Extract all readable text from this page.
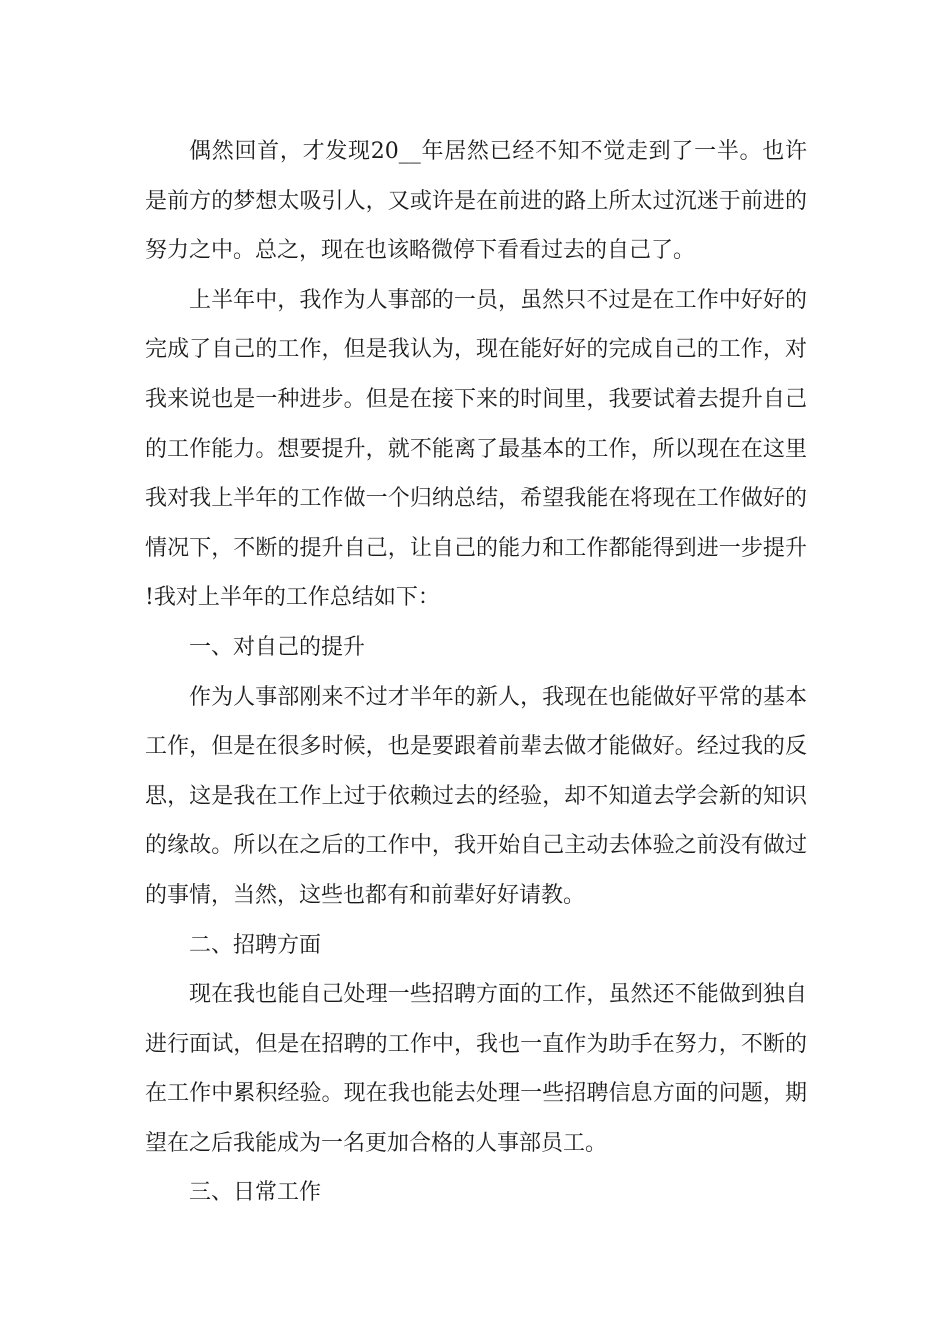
偶然回首，才发现20__年居然已经不知不觉走到了一半。也许是前方的梦想太吸引人，又或许是在前进的路上所太过沉迷于前进的努力之中。总之，现在也该略微停下看看过去的自己了。

上半年中，我作为人事部的一员，虽然只不过是在工作中好好的完成了自己的工作，但是我认为，现在能好好的完成自己的工作，对我来说也是一种进步。但是在接下来的时间里，我要试着去提升自己的工作能力。想要提升，就不能离了最基本的工作，所以现在在这里我对我上半年的工作做一个归纳总结，希望我能在将现在工作做好的情况下，不断的提升自己，让自己的能力和工作都能得到进一步提升!我对上半年的工作总结如下：

一、对自己的提升

作为人事部刚来不过才半年的新人，我现在也能做好平常的基本工作，但是在很多时候，也是要跟着前辈去做才能做好。经过我的反思，这是我在工作上过于依赖过去的经验，却不知道去学会新的知识的缘故。所以在之后的工作中，我开始自己主动去体验之前没有做过的事情，当然，这些也都有和前辈好好请教。

二、招聘方面

现在我也能自己处理一些招聘方面的工作，虽然还不能做到独自进行面试，但是在招聘的工作中，我也一直作为助手在努力，不断的在工作中累积经验。现在我也能去处理一些招聘信息方面的问题，期望在之后我能成为一名更加合格的人事部员工。

三、日常工作
